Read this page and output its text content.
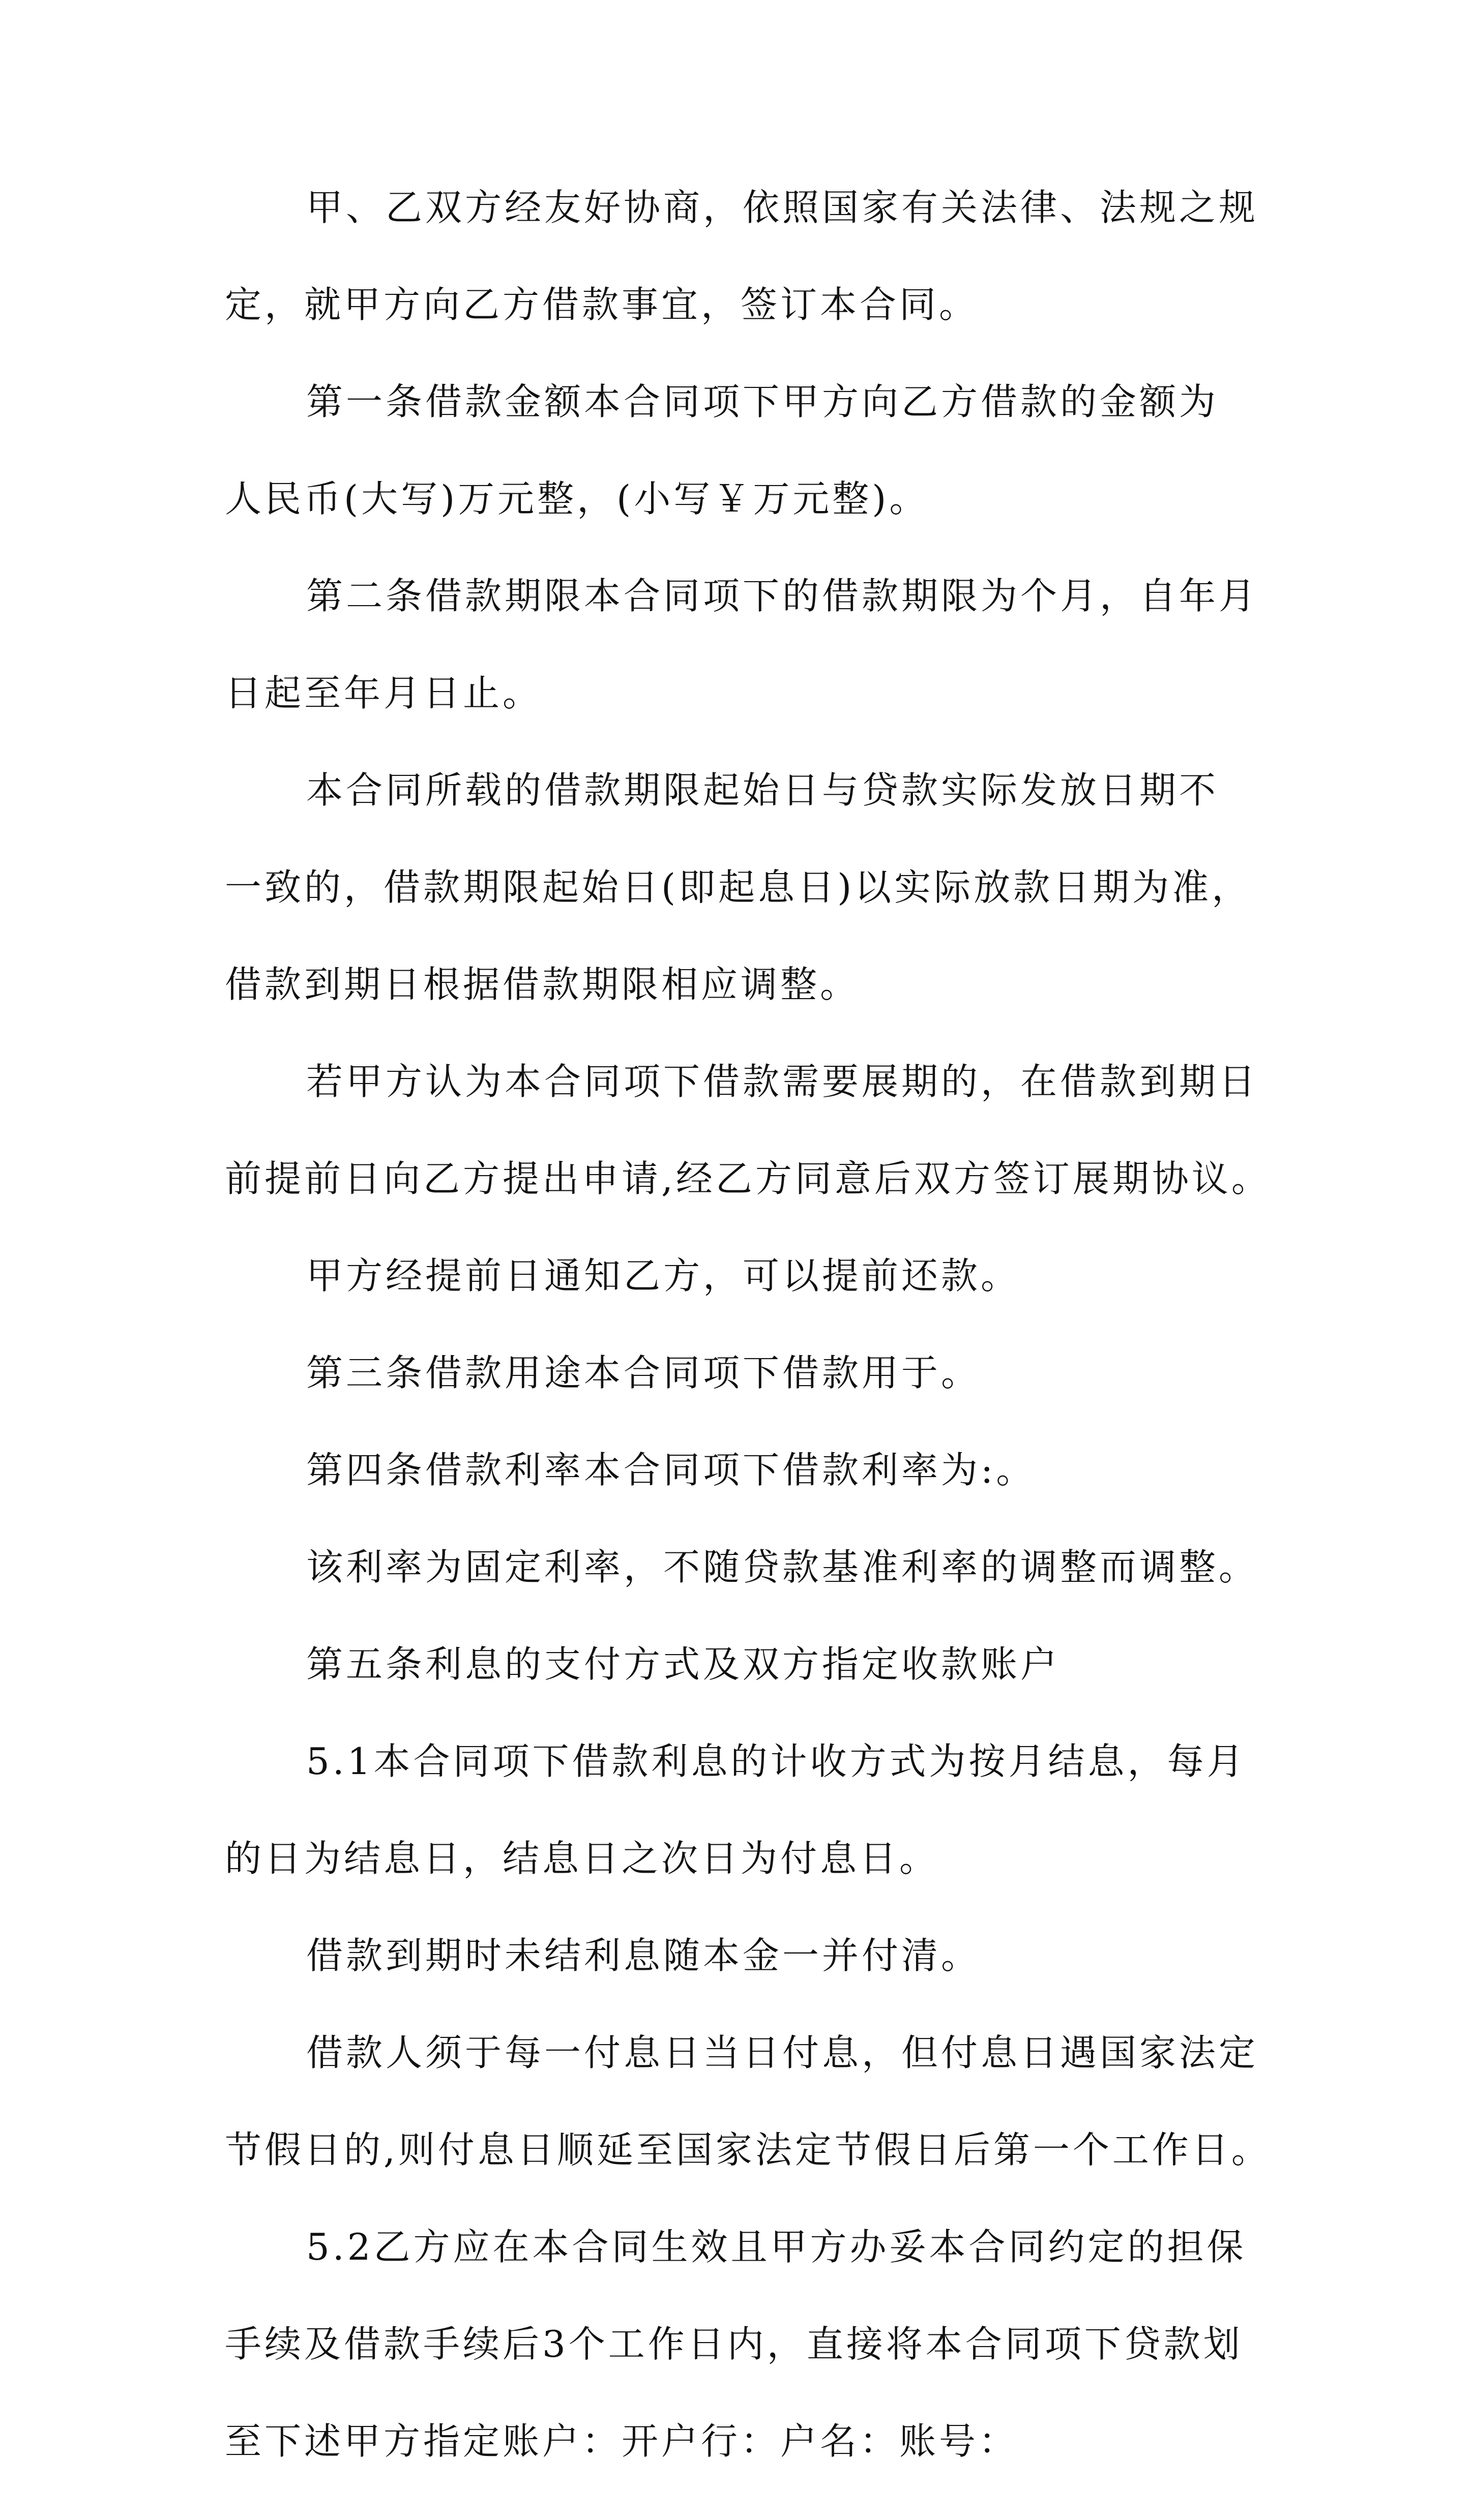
甲、乙双方经友好协商，依照国家有关法律、法规之规
定，就甲方向乙方借款事宜，签订本合同。
第一条借款金额本合同项下甲方向乙方借款的金额为
人民币(大写)万元整，(小写￥万元整)。
第二条借款期限本合同项下的借款期限为个月，自年月
日起至年月日止。
本合同所载的借款期限起始日与贷款实际发放日期不
一致的，借款期限起始日(即起息日)以实际放款日期为准，
借款到期日根据借款期限相应调整。
若甲方认为本合同项下借款需要展期的，在借款到期日
前提前日向乙方提出申请,经乙方同意后双方签订展期协议。
甲方经提前日通知乙方，可以提前还款。
第三条借款用途本合同项下借款用于。
第四条借款利率本合同项下借款利率为:。
该利率为固定利率，不随贷款基准利率的调整而调整。
第五条利息的支付方式及双方指定收款账户
5.1本合同项下借款利息的计收方式为按月结息，每月
的日为结息日，结息日之次日为付息日。
借款到期时未结利息随本金一并付清。
借款人须于每一付息日当日付息，但付息日遇国家法定
节假日的,则付息日顺延至国家法定节假日后第一个工作日。
5.2乙方应在本合同生效且甲方办妥本合同约定的担保
手续及借款手续后3个工作日内，直接将本合同项下贷款划
至下述甲方指定账户：开户行：户名：账号：
